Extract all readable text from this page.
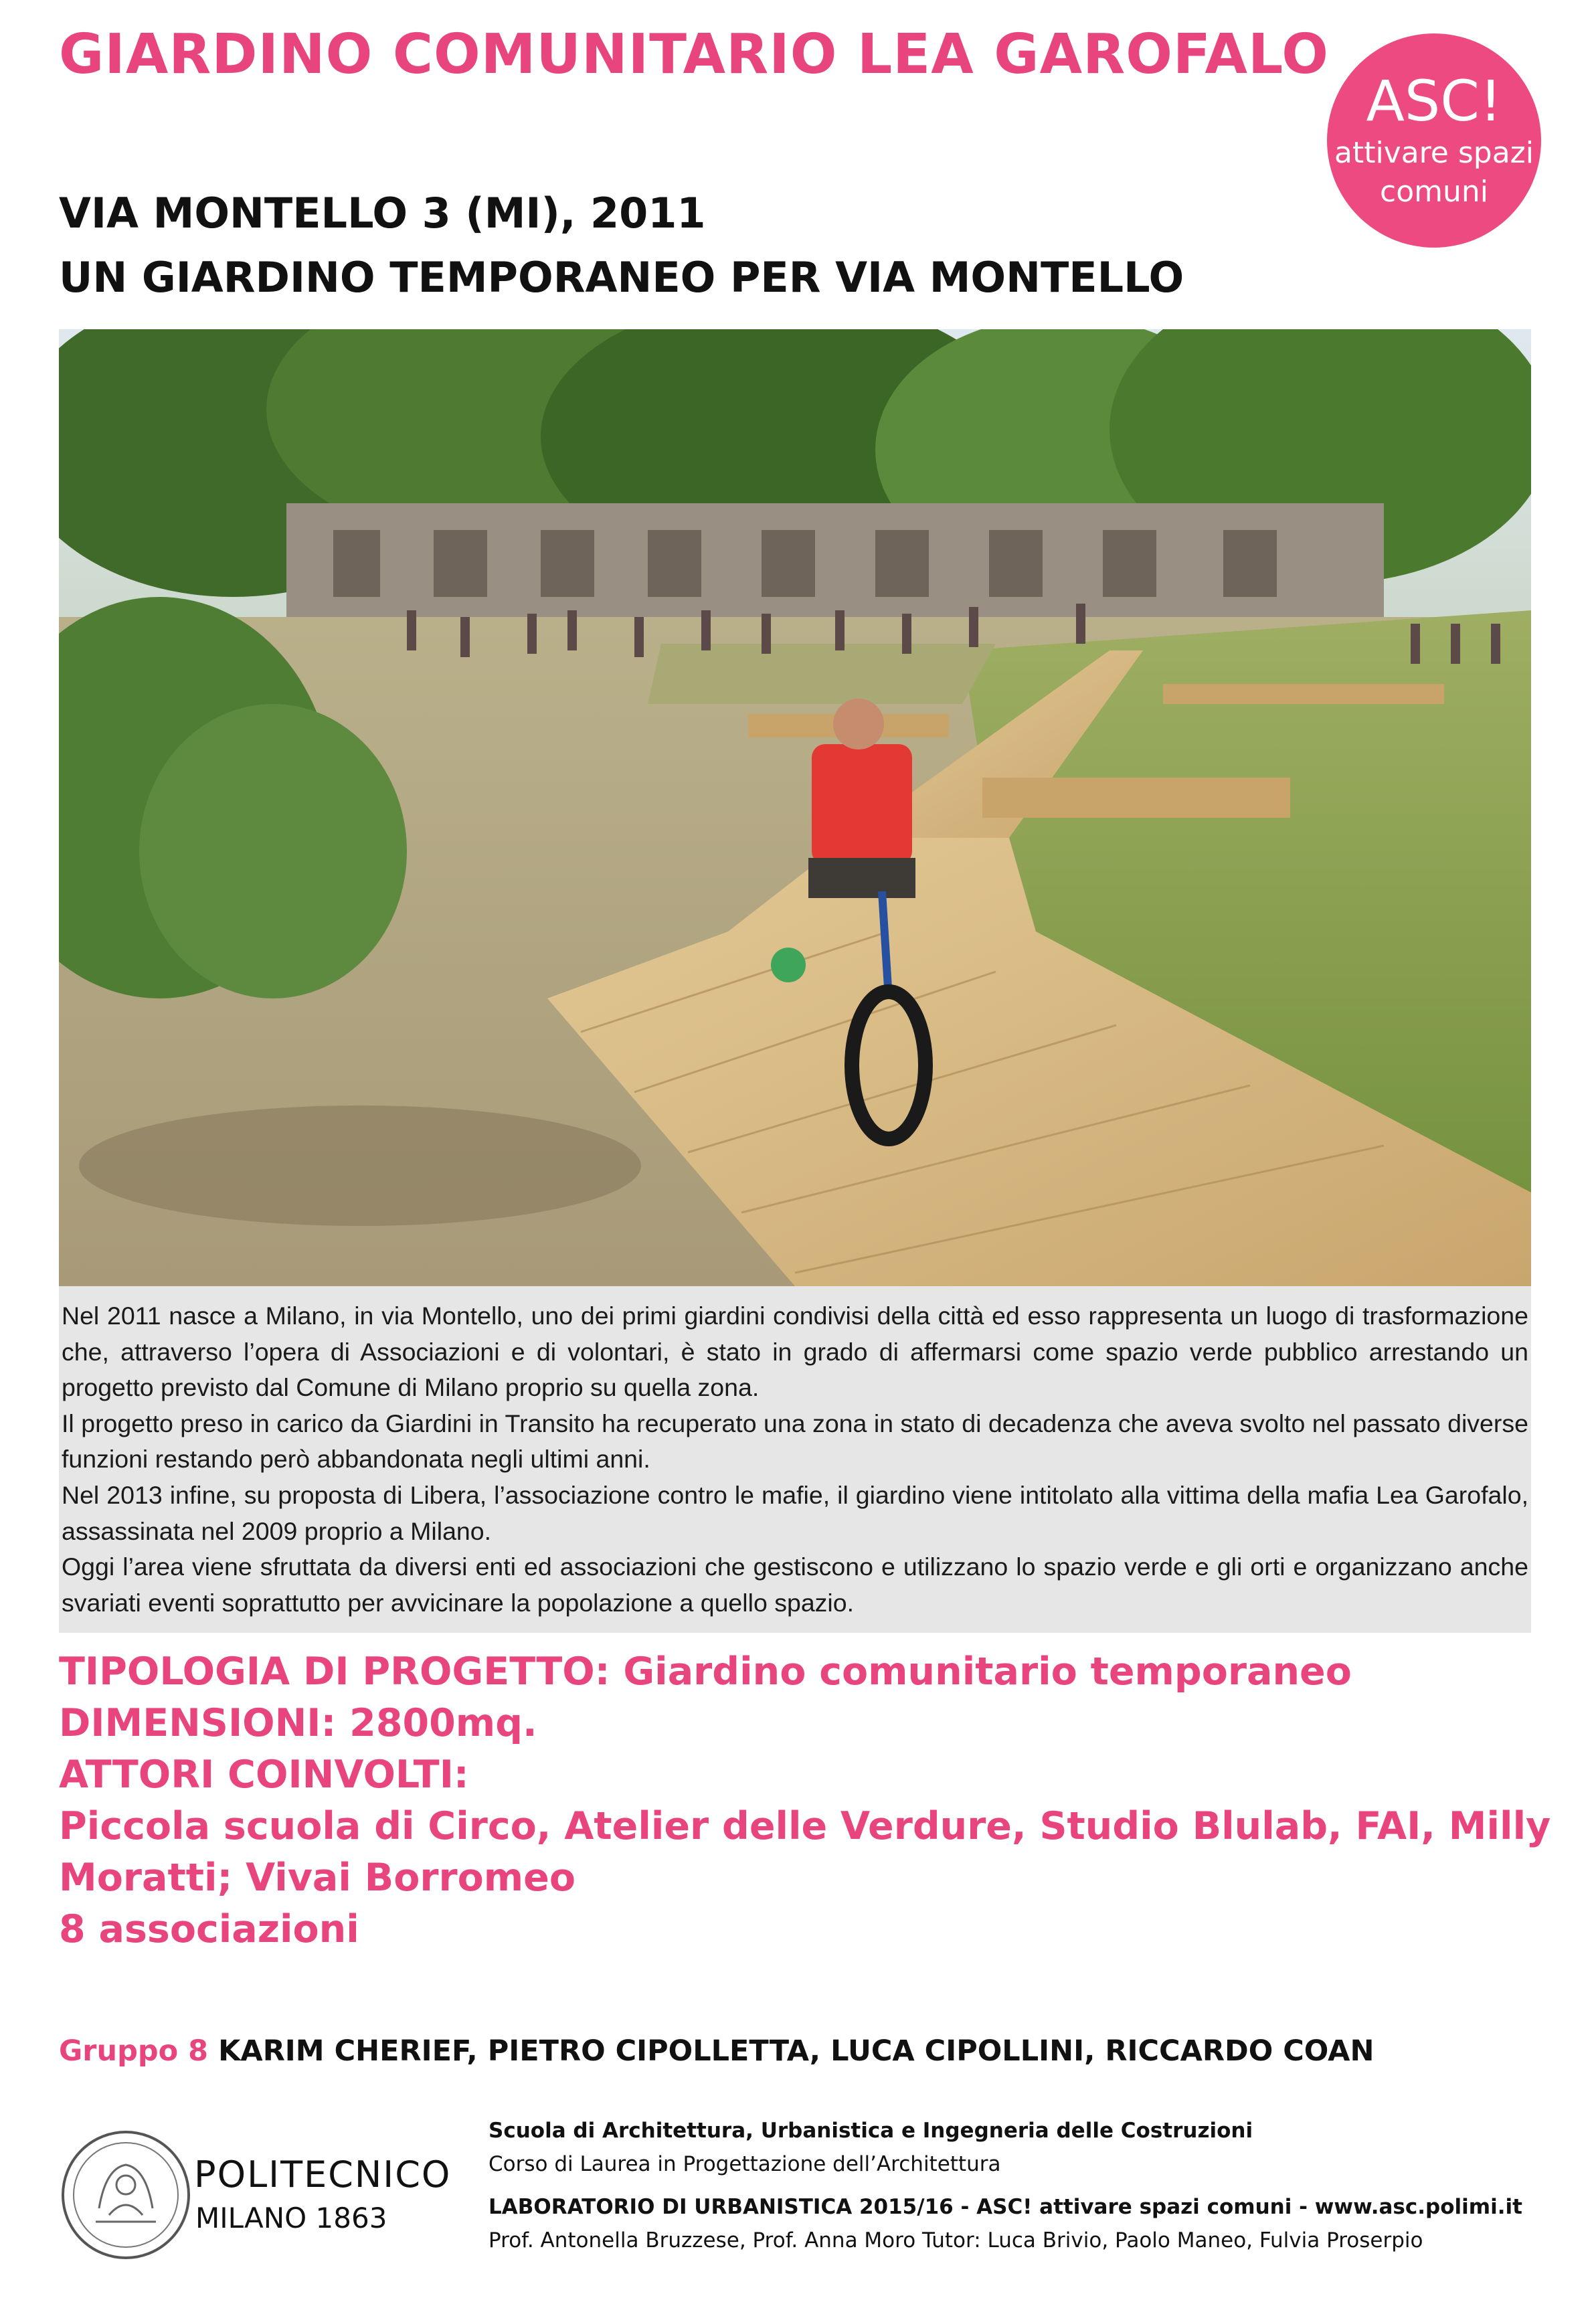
GIARDINO COMUNITARIO LEA GAROFALO
ASC!
attivare spazi
comuni
VIA MONTELLO 3 (MI), 2011
UN GIARDINO TEMPORANEO PER VIA MONTELLO

Nel 2011 nasce a Milano, in via Montello, uno dei primi giardini condivisi della città ed esso rappresenta un luogo di trasformazione che, attraverso l’opera di Associazioni e di volontari, è stato in grado di affermarsi come spazio verde pubblico arrestando un progetto previsto dal Comune di Milano proprio su quella zona.

Il progetto preso in carico da Giardini in Transito ha recuperato una zona in stato di decadenza che aveva svolto nel passato diverse funzioni restando però abbandonata negli ultimi anni.

Nel 2013 infine, su proposta di Libera, l’associazione contro le mafie, il giardino viene intitolato alla vittima della mafia Lea Garofalo, assassinata nel 2009 proprio a Milano.

Oggi l’area viene sfruttata da diversi enti ed associazioni che gestiscono e utilizzano lo spazio verde e gli orti e organizzano anche svariati eventi soprattutto per avvicinare la popolazione a quello spazio.

TIPOLOGIA DI PROGETTO: Giardino comunitario temporaneo
DIMENSIONI: 2800mq.
ATTORI COINVOLTI:
Piccola scuola di Circo, Atelier delle Verdure, Studio Blulab, FAI, Milly Moratti; Vivai Borromeo
8 associazioni
Gruppo 8 KARIM CHERIEF, PIETRO CIPOLLETTA, LUCA CIPOLLINI, RICCARDO COAN
POLITECNICO
MILANO 1863
Scuola di Architettura, Urbanistica e Ingegneria delle Costruzioni
Corso di Laurea in Progettazione dell’Architettura
LABORATORIO DI URBANISTICA 2015/16 - ASC! attivare spazi comuni - www.asc.polimi.it
Prof. Antonella Bruzzese, Prof. Anna Moro Tutor: Luca Brivio, Paolo Maneo, Fulvia Proserpio
